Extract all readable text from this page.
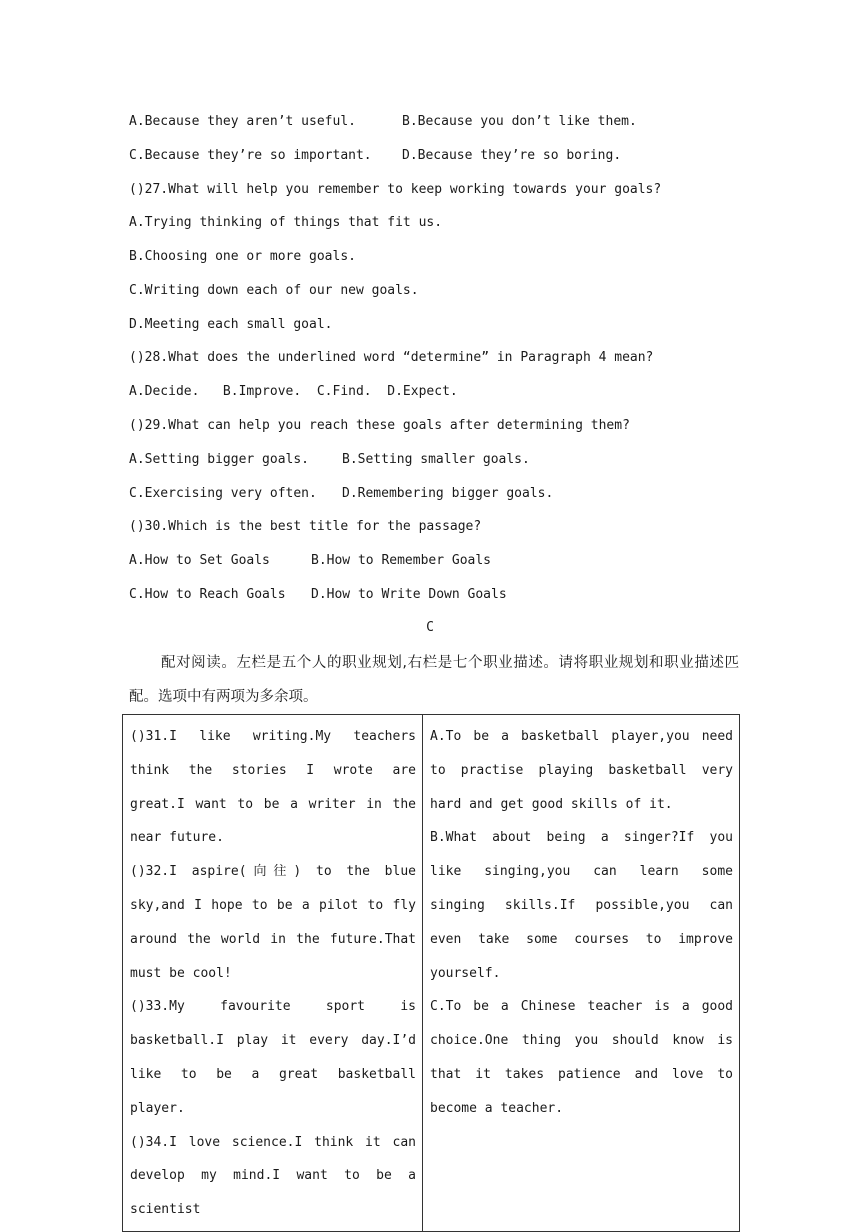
A.Because they aren’t useful.	B.Because you don’t like them.
C.Because they’re so important. D.Because they’re so boring.
()27.What will help you remember to keep working towards your goals?
A.Trying thinking of things that fit us.
B.Choosing one or more goals.
C.Writing down each of our new goals.
D.Meeting each small goal.
()28.What does the underlined word “determine” in Paragraph 4 mean?
A.Decide.   B.Improve.  C.Find.  D.Expect.
()29.What can help you reach these goals after determining them?
A.Setting bigger goals.	B.Setting smaller goals.
C.Exercising very often. D.Remembering bigger goals.
()30.Which is the best title for the passage?
A.How to Set Goals	B.How to Remember Goals
C.How to Reach Goals D.How to Write Down Goals
C
配对阅读。左栏是五个人的职业规划,右栏是七个职业描述。请将职业规划和职业描述匹配。选项中有两项为多余项。
()31.I like writing.My teachers think the stories I wrote are great.I want to be a writer in the near future.
()32.I aspire(向往) to the blue sky,and I hope to be a pilot to fly around the world in the future.That must be cool!
()33.My favourite sport is basketball.I play it every day.I’d like to be a great basketball player.
()34.I love science.I think it can develop my mind.I want to be a scientist

A.To be a basketball player,you need to practise playing basketball very hard and get good skills of it.
B.What about being a singer?If you like singing,you can learn some singing skills.If possible,you can even take some courses to improve yourself.
C.To be a Chinese teacher is a good choice.One thing you should know is that it takes patience and love to become a teacher.
